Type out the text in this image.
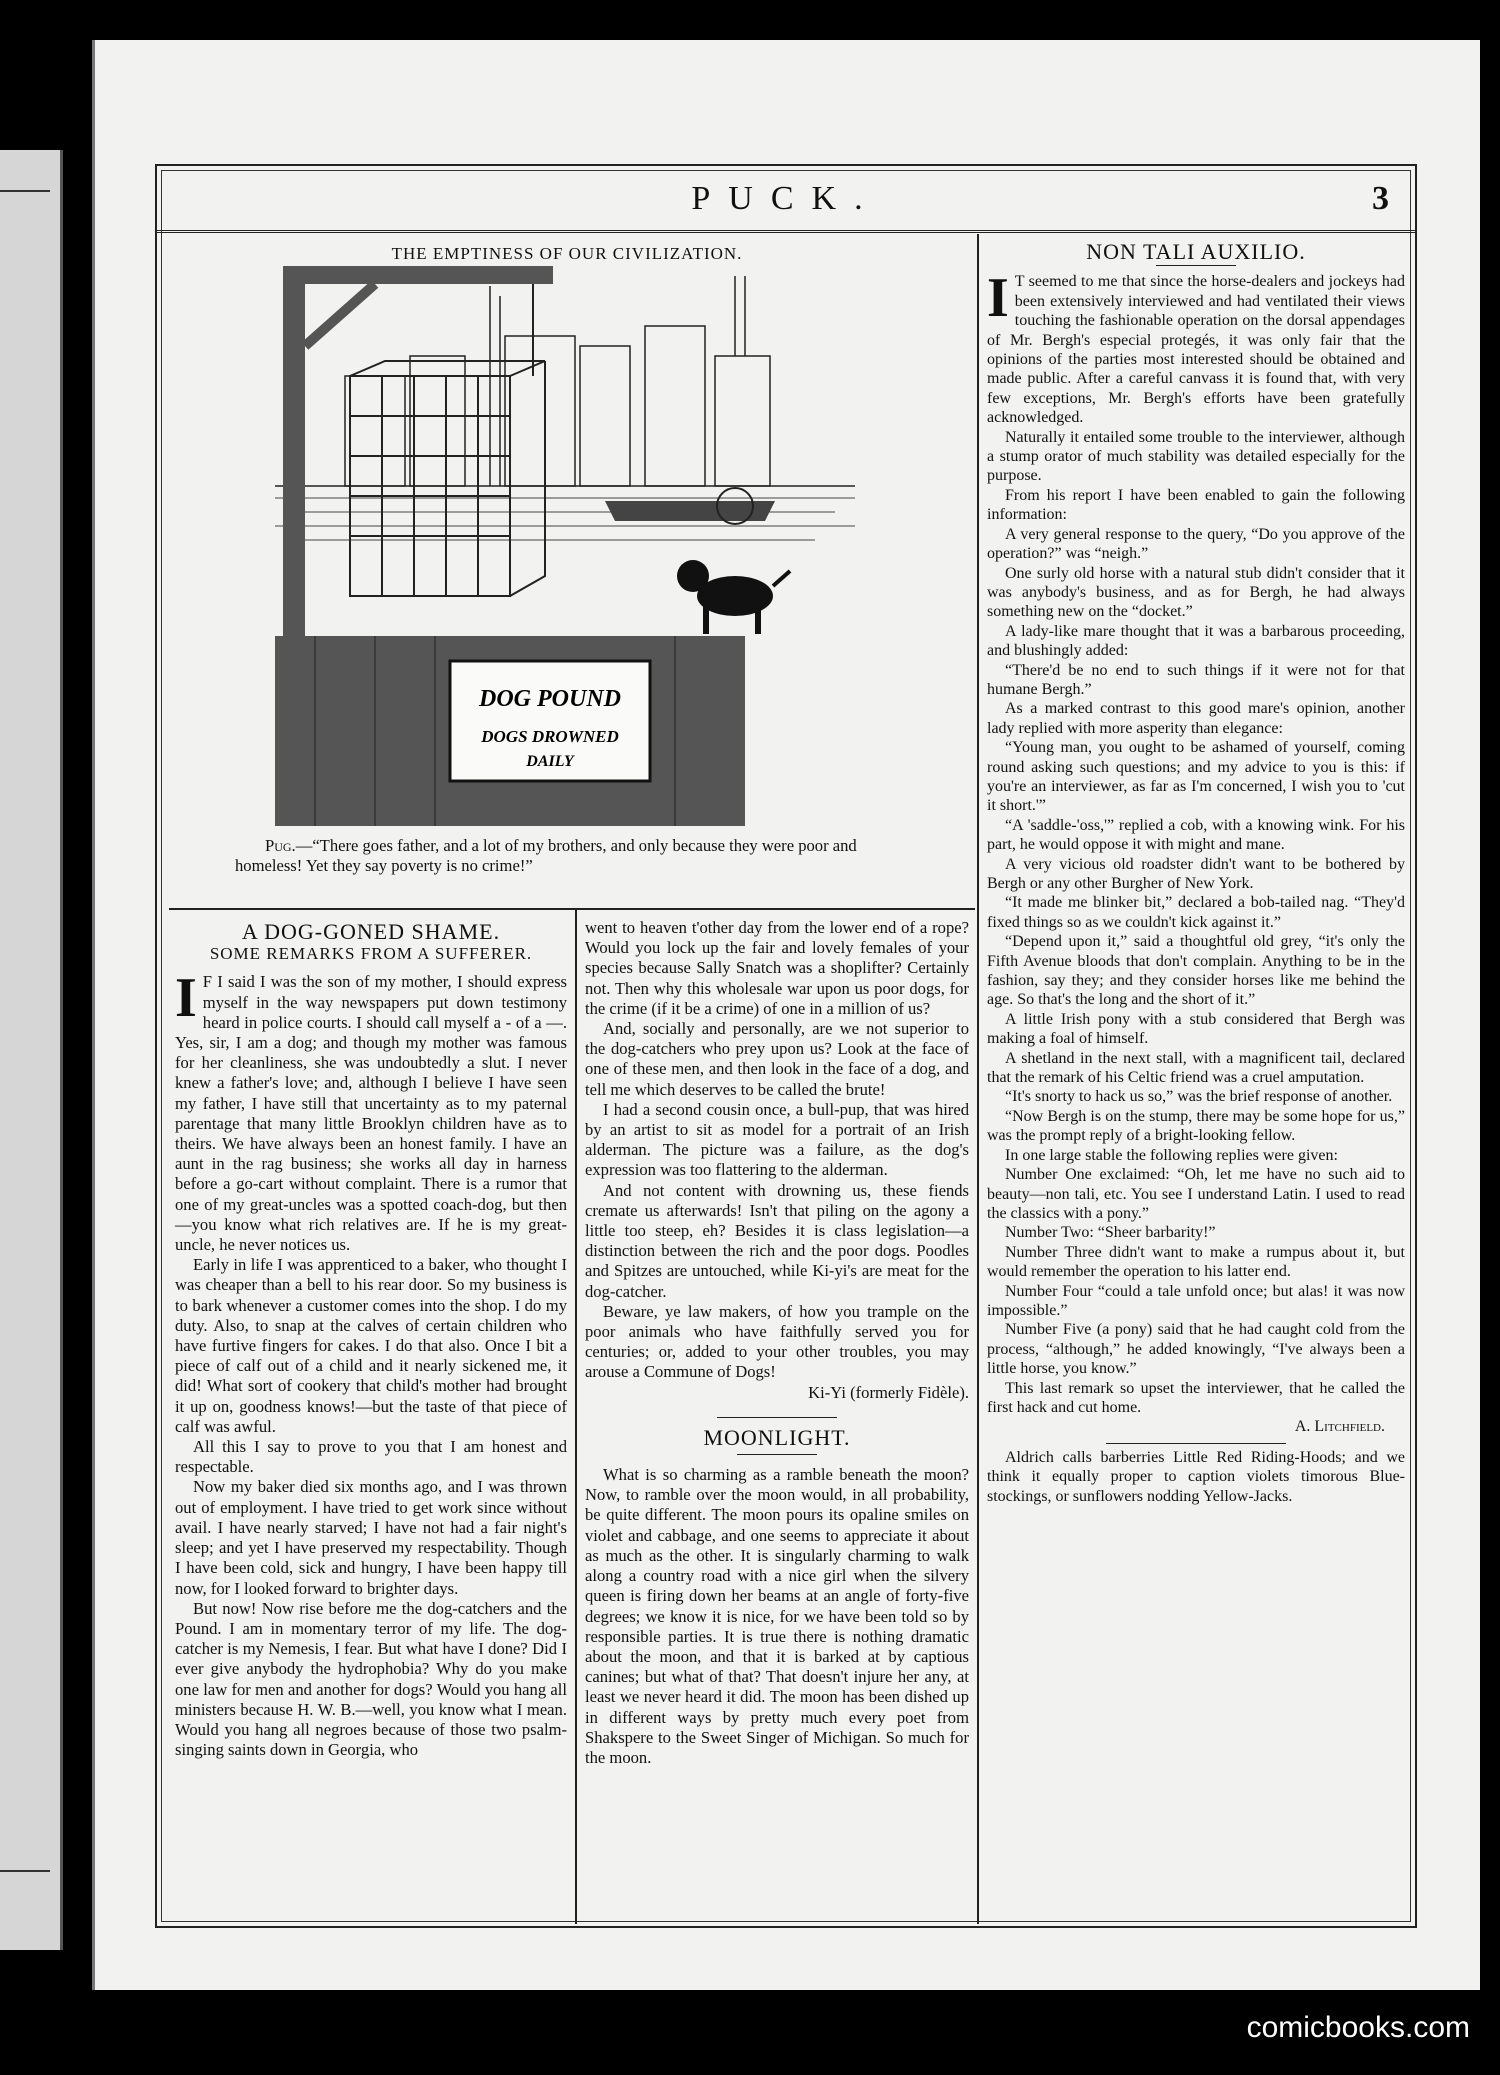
PUCK.	3
THE EMPTINESS OF OUR CIVILIZATION.
DOG POUND
DOGS DROWNED
DAILY
Pug.—“There goes father, and a lot of my brothers, and only because they were poor and homeless! Yet they say poverty is no crime!”
A DOG-GONED SHAME.
SOME REMARKS FROM A SUFFERER.
I F I said I was the son of my mother, I should express myself in the way newspapers put down testimony heard in police courts. I should call myself a - of a —. Yes, sir, I am a dog; and though my mother was famous for her cleanliness, she was undoubtedly a slut. I never knew a father's love; and, although I believe I have seen my father, I have still that uncertainty as to my paternal parentage that many little Brooklyn children have as to theirs. We have always been an honest family. I have an aunt in the rag business; she works all day in harness before a go-cart without complaint. There is a rumor that one of my great-uncles was a spotted coach-dog, but then—you know what rich relatives are. If he is my great-uncle, he never notices us.

Early in life I was apprenticed to a baker, who thought I was cheaper than a bell to his rear door. So my business is to bark whenever a customer comes into the shop. I do my duty. Also, to snap at the calves of certain children who have furtive fingers for cakes. I do that also. Once I bit a piece of calf out of a child and it nearly sickened me, it did! What sort of cookery that child's mother had brought it up on, goodness knows!—but the taste of that piece of calf was awful.

All this I say to prove to you that I am honest and respectable.

Now my baker died six months ago, and I was thrown out of employment. I have tried to get work since without avail. I have nearly starved; I have not had a fair night's sleep; and yet I have preserved my respectability. Though I have been cold, sick and hungry, I have been happy till now, for I looked forward to brighter days.

But now! Now rise before me the dog-catchers and the Pound. I am in momentary terror of my life. The dog-catcher is my Nemesis, I fear. But what have I done? Did I ever give anybody the hydrophobia? Why do you make one law for men and another for dogs? Would you hang all ministers because H. W. B.—well, you know what I mean. Would you hang all negroes because of those two psalm-singing saints down in Georgia, who

went to heaven t'other day from the lower end of a rope? Would you lock up the fair and lovely females of your species because Sally Snatch was a shoplifter? Certainly not. Then why this wholesale war upon us poor dogs, for the crime (if it be a crime) of one in a million of us?

And, socially and personally, are we not superior to the dog-catchers who prey upon us? Look at the face of one of these men, and then look in the face of a dog, and tell me which deserves to be called the brute!

I had a second cousin once, a bull-pup, that was hired by an artist to sit as model for a portrait of an Irish alderman. The picture was a failure, as the dog's expression was too flattering to the alderman.

And not content with drowning us, these fiends cremate us afterwards! Isn't that piling on the agony a little too steep, eh? Besides it is class legislation—a distinction between the rich and the poor dogs. Poodles and Spitzes are untouched, while Ki-yi's are meat for the dog-catcher.

Beware, ye law makers, of how you trample on the poor animals who have faithfully served you for centuries; or, added to your other troubles, you may arouse a Commune of Dogs!

Ki-Yi (formerly Fidèle).
MOONLIGHT.

What is so charming as a ramble beneath the moon? Now, to ramble over the moon would, in all probability, be quite different. The moon pours its opaline smiles on violet and cabbage, and one seems to appreciate it about as much as the other. It is singularly charming to walk along a country road with a nice girl when the silvery queen is firing down her beams at an angle of forty-five degrees; we know it is nice, for we have been told so by responsible parties. It is true there is nothing dramatic about the moon, and that it is barked at by captious canines; but what of that? That doesn't injure her any, at least we never heard it did. The moon has been dished up in different ways by pretty much every poet from Shakspere to the Sweet Singer of Michigan. So much for the moon.

NON TALI AUXILIO.
I T seemed to me that since the horse-dealers and jockeys had been extensively interviewed and had ventilated their views touching the fashionable operation on the dorsal appendages of Mr. Bergh's especial protegés, it was only fair that the opinions of the parties most interested should be obtained and made public. After a careful canvass it is found that, with very few exceptions, Mr. Bergh's efforts have been gratefully acknowledged.

Naturally it entailed some trouble to the interviewer, although a stump orator of much stability was detailed especially for the purpose.

From his report I have been enabled to gain the following information:

A very general response to the query, “Do you approve of the operation?” was “neigh.”

One surly old horse with a natural stub didn't consider that it was anybody's business, and as for Bergh, he had always something new on the “docket.”

A lady-like mare thought that it was a barbarous proceeding, and blushingly added:

“There'd be no end to such things if it were not for that humane Bergh.”

As a marked contrast to this good mare's opinion, another lady replied with more asperity than elegance:

“Young man, you ought to be ashamed of yourself, coming round asking such questions; and my advice to you is this: if you're an interviewer, as far as I'm concerned, I wish you to 'cut it short.'”

“A 'saddle-'oss,'” replied a cob, with a knowing wink. For his part, he would oppose it with might and mane.

A very vicious old roadster didn't want to be bothered by Bergh or any other Burgher of New York.

“It made me blinker bit,” declared a bob-tailed nag. “They'd fixed things so as we couldn't kick against it.”

“Depend upon it,” said a thoughtful old grey, “it's only the Fifth Avenue bloods that don't complain. Anything to be in the fashion, say they; and they consider horses like me behind the age. So that's the long and the short of it.”

A little Irish pony with a stub considered that Bergh was making a foal of himself.

A shetland in the next stall, with a magnificent tail, declared that the remark of his Celtic friend was a cruel amputation.

“It's snorty to hack us so,” was the brief response of another.

“Now Bergh is on the stump, there may be some hope for us,” was the prompt reply of a bright-looking fellow.

In one large stable the following replies were given:

Number One exclaimed: “Oh, let me have no such aid to beauty—non tali, etc. You see I understand Latin. I used to read the classics with a pony.”

Number Two: “Sheer barbarity!”

Number Three didn't want to make a rumpus about it, but would remember the operation to his latter end.

Number Four “could a tale unfold once; but alas! it was now impossible.”

Number Five (a pony) said that he had caught cold from the process, “although,” he added knowingly, “I've always been a little horse, you know.”

This last remark so upset the interviewer, that he called the first hack and cut home.

A. Litchfield.

Aldrich calls barberries Little Red Riding-Hoods; and we think it equally proper to caption violets timorous Blue-stockings, or sunflowers nodding Yellow-Jacks.

comicbooks.com
